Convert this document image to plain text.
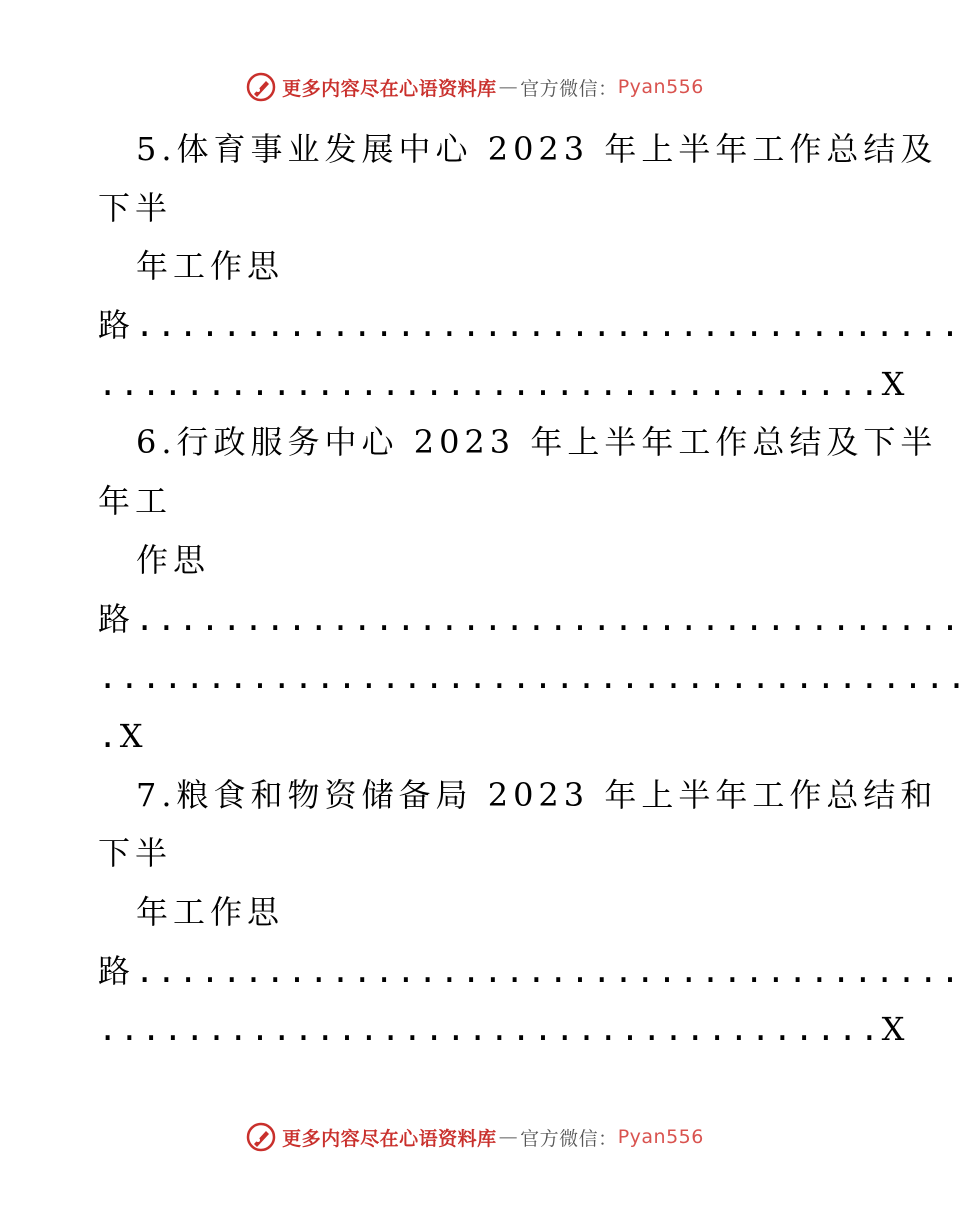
更多内容尽在心语资料库 — 官方微信： Pyan556
5.体育事业发展中心 2023 年上半年工作总结及
下半
年工作思
路......................................
....................................X
6.行政服务中心 2023 年上半年工作总结及下半
年工
作思
路......................................
........................................
.X
7.粮食和物资储备局 2023 年上半年工作总结和
下半
年工作思
路......................................
....................................X
更多内容尽在心语资料库 — 官方微信： Pyan556
